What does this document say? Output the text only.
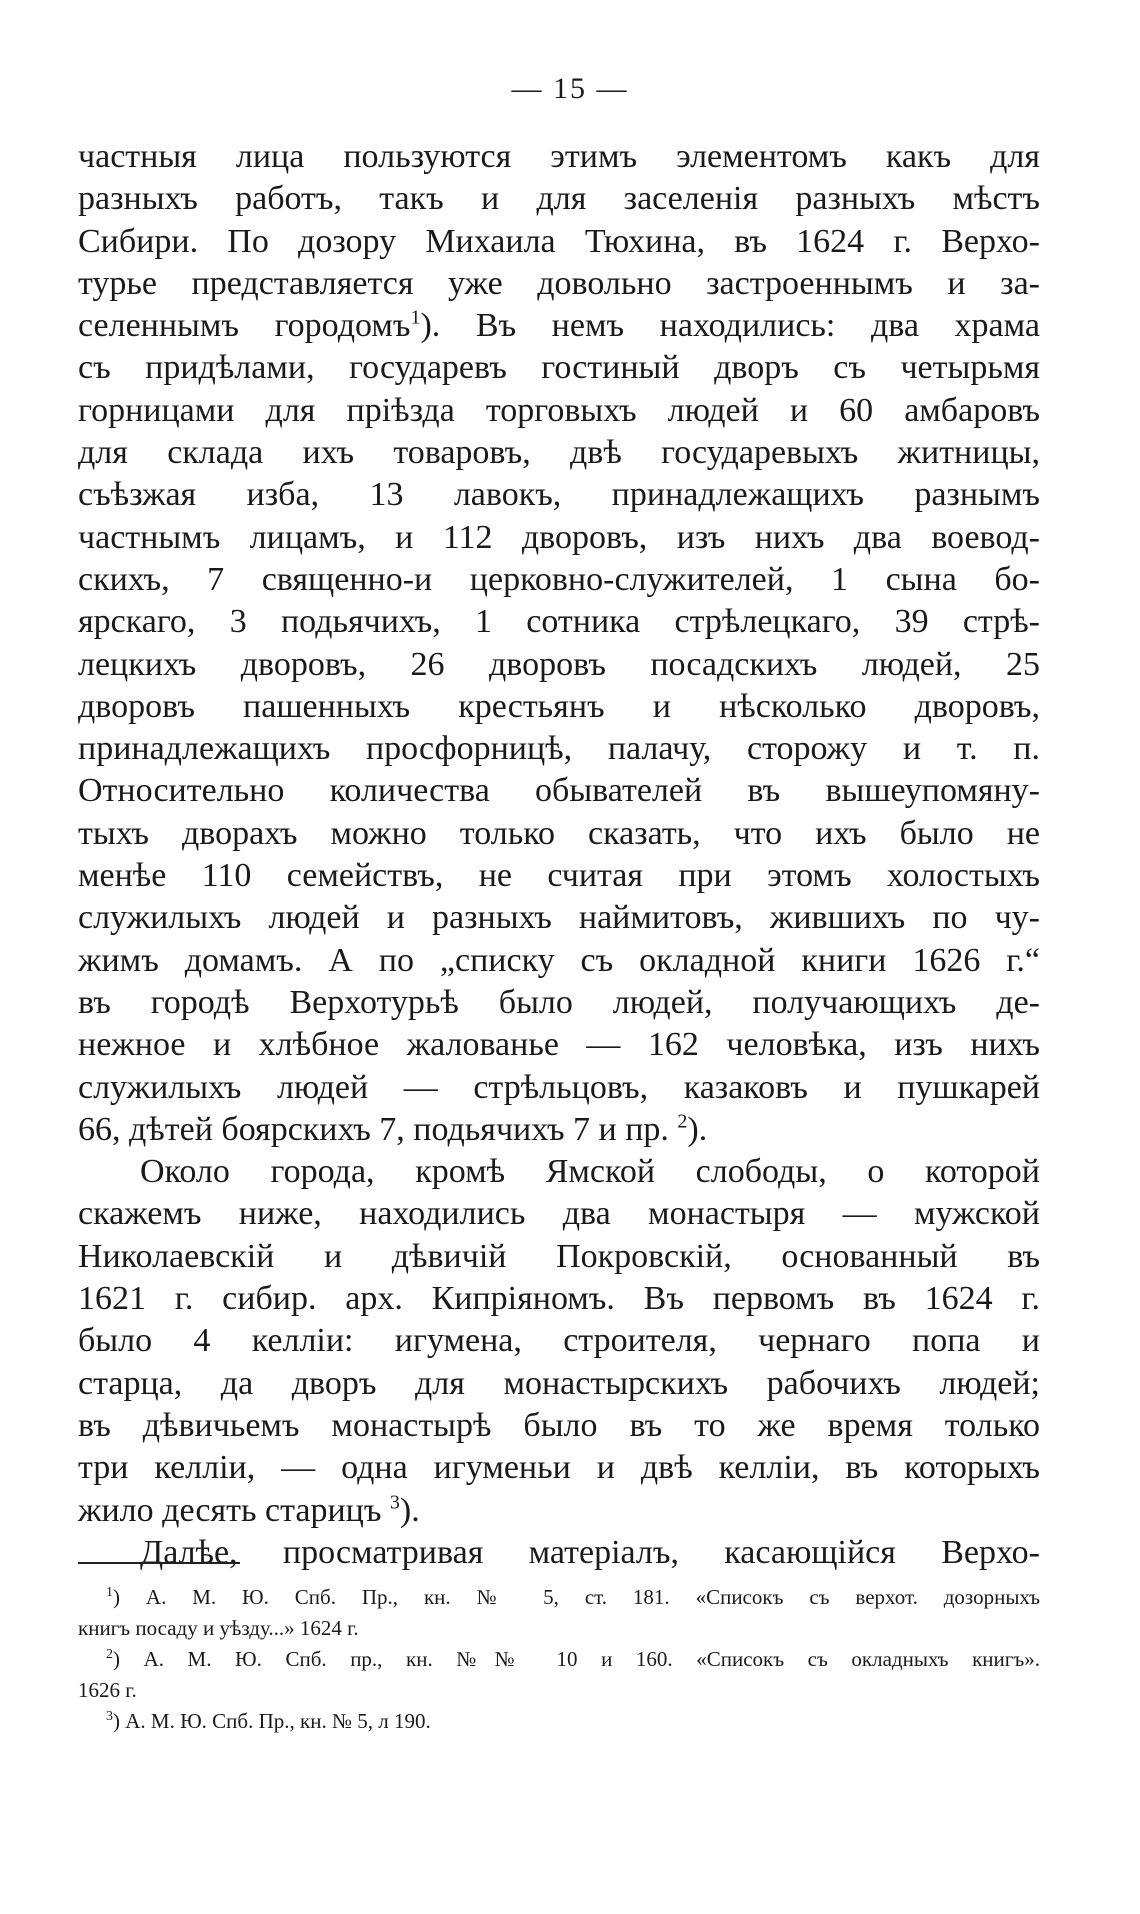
— 15 —
частныя лица пользуются этимъ элементомъ какъ для
разныхъ работъ, такъ и для заселенія разныхъ мѣстъ
Сибири. По дозору Михаила Тюхина, въ 1624 г. Верхо-
турье представляется уже довольно застроеннымъ и за-
селеннымъ городомъ$^1$). Въ немъ находились: два храма
съ придѣлами, государевъ гостиный дворъ съ четырьмя
горницами для пріѣзда торговыхъ людей и 60 амбаровъ
для склада ихъ товаровъ, двѣ государевыхъ житницы,
съѣзжая изба, 13 лавокъ, принадлежащихъ разнымъ
частнымъ лицамъ, и 112 дворовъ, изъ нихъ два воевод-
скихъ, 7 священно-и церковно-служителей, 1 сына бо-
ярскаго, 3 подьячихъ, 1 сотника стрѣлецкаго, 39 стрѣ-
лецкихъ дворовъ, 26 дворовъ посадскихъ людей, 25
дворовъ пашенныхъ крестьянъ и нѣсколько дворовъ,
принадлежащихъ просфорницѣ, палачу, сторожу и т. п.
Относительно количества обывателей въ вышеупомяну-
тыхъ дворахъ можно только сказать, что ихъ было не
менѣе 110 семействъ, не считая при этомъ холостыхъ
служилыхъ людей и разныхъ наймитовъ, жившихъ по чу-
жимъ домамъ. А по „списку съ окладной книги 1626 г.“
въ городѣ Верхотурьѣ было людей, получающихъ де-
нежное и хлѣбное жалованье — 162 человѣка, изъ нихъ
служилыхъ людей — стрѣльцовъ, казаковъ и пушкарей
66, дѣтей боярскихъ 7, подьячихъ 7 и пр. $^2$).
Около города, кромѣ Ямской слободы, о которой
скажемъ ниже, находились два монастыря — мужской
Николаевскій и дѣвичій Покровскій, основанный въ
1621 г. сибир. арх. Кипріяномъ. Въ первомъ въ 1624 г.
было 4 келліи: игумена, строителя, чернаго попа и
старца, да дворъ для монастырскихъ рабочихъ людей;
въ дѣвичьемъ монастырѣ было въ то же время только
три келліи, — одна игуменьи и двѣ келліи, въ которыхъ
жило десять старицъ $^3$).
Далѣе, просматривая матеріалъ, касающійся Верхо-
$^1$) А. М. Ю. Спб. Пр., кн. № 5, ст. 181. «Списокъ съ верхот. дозорныхъ
книгъ посаду и уѣзду...» 1624 г.
$^2$) А. М. Ю. Спб. пр., кн. №№ 10 и 160. «Списокъ съ окладныхъ книгъ».
1626 г.
$^3$) А. М. Ю. Спб. Пр., кн. № 5, л 190.
